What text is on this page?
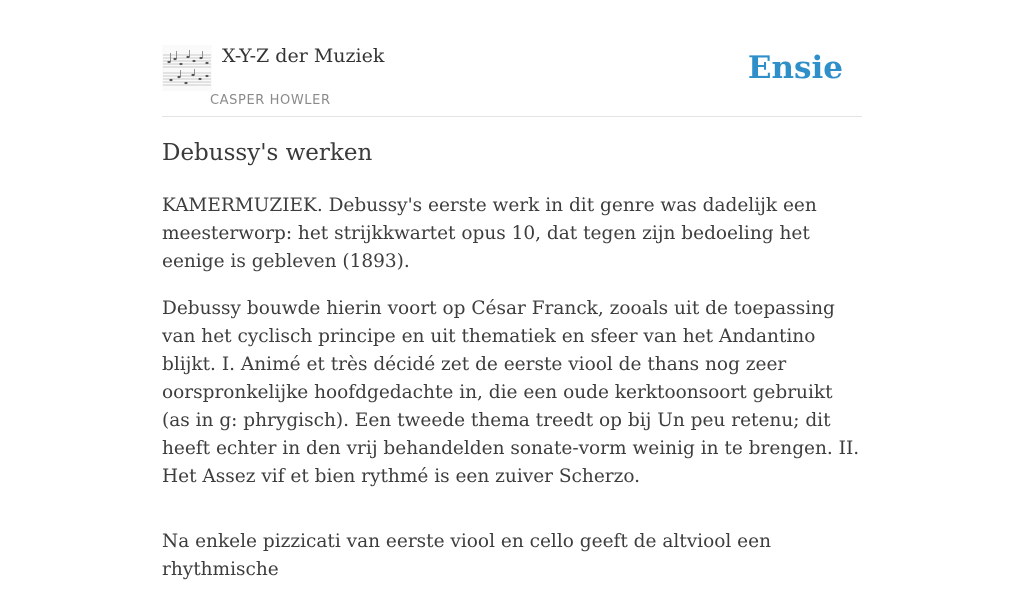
X-Y-Z der Muziek
CASPER HOWLER
Ensie
Debussy's werken

KAMERMUZIEK. Debussy's eerste werk in dit genre was dadelijk een meesterworp: het strijkkwartet opus 10, dat tegen zijn bedoeling het eenige is gebleven (1893).

Debussy bouwde hierin voort op César Franck, zooals uit de toepassing van het cyclisch principe en uit thematiek en sfeer van het Andantino blijkt. I. Animé et très décidé zet de eerste viool de thans nog zeer oorspronkelijke hoofdgedachte in, die een oude kerktoonsoort gebruikt (as in g: phrygisch). Een tweede thema treedt op bij Un peu retenu; dit heeft echter in den vrij behandelden sonate-vorm weinig in te brengen. II. Het Assez vif et bien rythmé is een zuiver Scherzo.

Na enkele pizzicati van eerste viool en cello geeft de altviool een rhythmische
